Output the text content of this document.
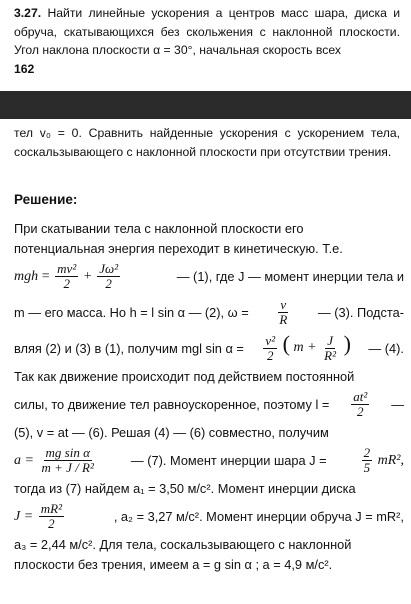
3.27. Найти линейные ускорения a центров масс шара, диска и обруча, скатывающихся без скольжения с наклонной плоскости. Угол наклона плоскости α = 30°, начальная скорость всех
162
тел v₀ = 0. Сравнить найденные ускорения с ускорением тела, соскальзывающего с наклонной плоскости при отсутствии трения.
Решение:
При скатывании тела с наклонной плоскости его
потенциальная энергия переходит в кинетическую. Т.е.
mgh = $\frac{\text{mv²}}{2} + \frac{\text{Jω²}}{2}$	— (1), где J — момент инерции тела и
m — его масса. Но h = l sin α — (2), $\omega = \frac{v}{R}$ — (3). Подста-
вляя (2) и (3) в (1), получим mgl $\sin \alpha = \frac{\text{v²}}{2}$ ( $m + \frac{J}{\text{R²}}$ ) — (4).
Так как движение происходит под действием постоянной
силы, то движение тел равноускоренное, поэтому $l = \frac{\text{at²}}{2}$ —
(5), v = at — (6). Решая (4) — (6) совместно, получим
$a = \frac{\text{mg sin α}}{\text{m + J / R²}}$	— (7). Момент инерции шара J =	$\frac{2}{5} mR^2$,
тогда из (7) найдем a₁ = 3,50 м/с². Момент инерции диска
$J = \frac{\text{mR²}}{2}$	, a₂ = 3,27 м/с². Момент инерции обруча J = mR²,
a₃ = 2,44 м/с². Для тела, соскальзывающего с наклонной
плоскости без трения, имеем a = g sin α ; a = 4,9 м/с².
